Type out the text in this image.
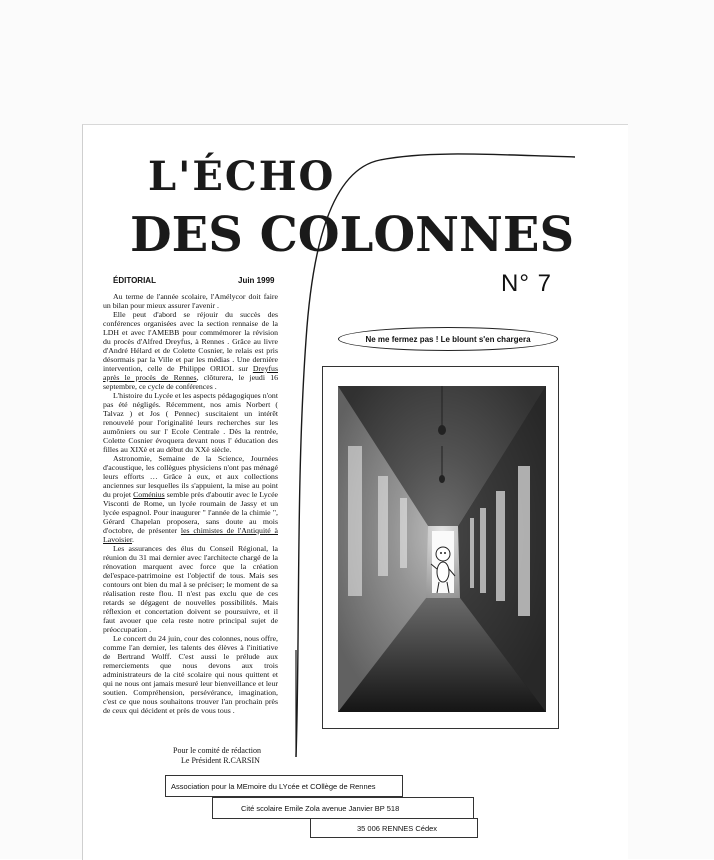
L'ÉCHO
DES COLONNES
ÉDITORIAL	Juin 1999

Au terme de l'année scolaire, l'Amélycor doit faire un bilan pour mieux assurer l'avenir .

Elle peut d'abord se réjouir du succès des conférences organisées avec la section rennaise de la LDH et avec l'AMEBB pour commémorer la révision du procès d'Alfred Dreyfus, à Rennes . Grâce au livre d'André Hélard et de Colette Cosnier, le relais est pris désormais par la Ville et par les médias . Une dernière intervention, celle de Philippe ORIOL sur Dreyfus après le procès de Rennes, clôturera, le jeudi 16 septembre, ce cycle de conférences .

L'histoire du Lycée et les aspects pédagogiques n'ont pas été négligés. Récemment, nos amis Norbert ( Talvaz ) et Jos ( Pennec) suscitaient un intérêt renouvelé pour l'originalité leurs recherches sur les aumôniers ou sur l' Ecole Centrale . Dès la rentrée, Colette Cosnier évoquera devant nous l' éducation des filles au XIXè et au début du XXè siècle.

Astronomie, Semaine de la Science, Journées d'acoustique, les collègues physiciens n'ont pas ménagé leurs efforts … Grâce à eux, et aux collections anciennes sur lesquelles ils s'appuient, la mise au point du projet Coménius semble près d'aboutir avec le Lycée Visconti de Rome, un lycée roumain de Jassy et un lycée espagnol. Pour inaugurer " l'année de la chimie ", Gérard Chapelan proposera, sans doute au mois d'octobre, de présenter les chimistes de l'Antiquité à Lavoisier.

Les assurances des élus du Conseil Régional, la réunion du 31 mai dernier avec l'architecte chargé de la rénovation marquent avec force que la création del'espace-patrimoine est l'objectif de tous. Mais ses contours ont bien du mal à se préciser; le moment de sa réalisation reste flou. Il n'est pas exclu que de ces retards se dégagent de nouvelles possibilités. Mais réflexion et concertation doivent se poursuivre, et il faut avouer que cela reste notre principal sujet de préoccupation .

Le concert du 24 juin, cour des colonnes, nous offre, comme l'an dernier, les talents des élèves à l'initiative de Bertrand Wolff. C'est aussi le prélude aux remerciements que nous devons aux trois administrateurs de la cité scolaire qui nous quittent et qui ne nous ont jamais mesuré leur bienveillance et leur soutien. Compréhension, persévérance, imagination, c'est ce que nous souhaitons trouver l'an prochain près de ceux qui décident et près de vous tous .

Pour le comité de rédaction
Le Président R.CARSIN
N° 7
Ne me fermez pas ! Le blount s'en chargera
Association pour la MEmoire du LYcée et COllège de Rennes
Cité scolaire Emile Zola avenue Janvier BP 518
35 006 RENNES Cédex
